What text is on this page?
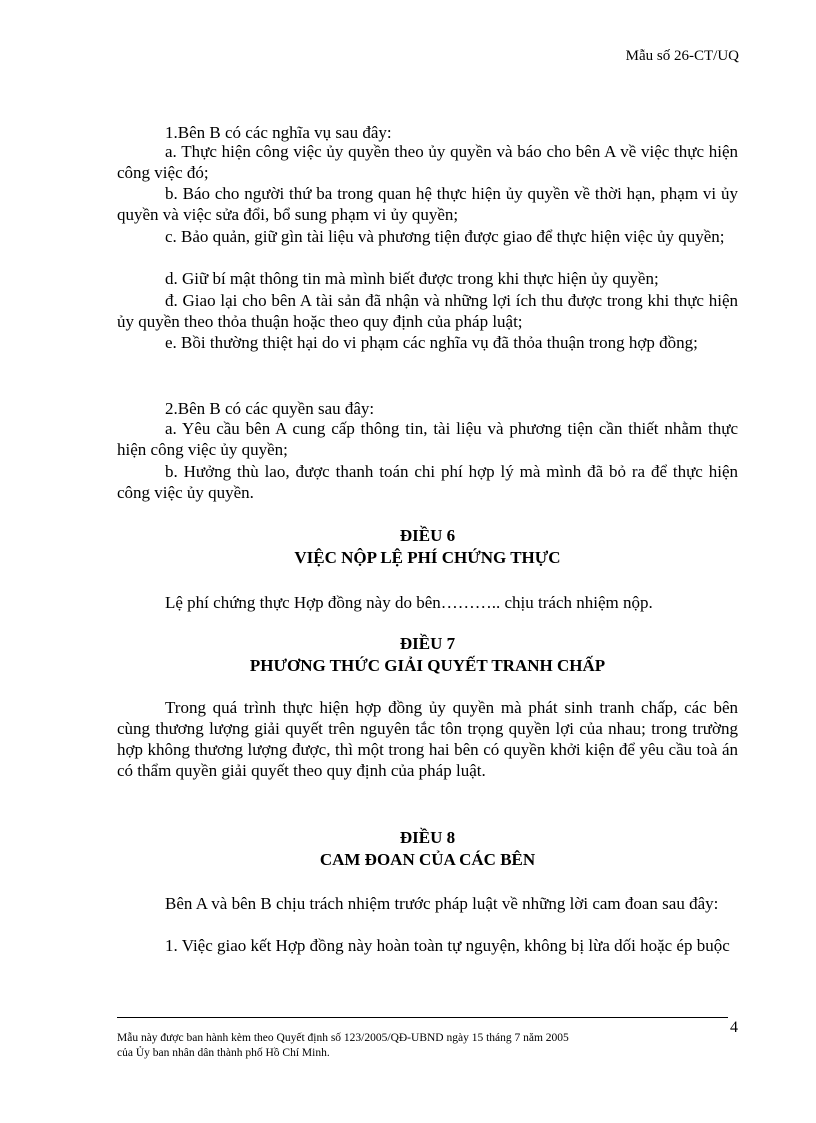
Mẫu số 26-CT/UQ
1.Bên B có các nghĩa vụ sau đây:
a. Thực hiện công việc ủy quyền theo ủy quyền và báo cho bên A về việc thực hiện công việc đó;
b. Báo cho người thứ ba trong quan hệ thực hiện ủy quyền về thời hạn, phạm vi ủy quyền và việc sửa đổi, bổ sung phạm vi ủy quyền;
c. Bảo quản, giữ gìn tài liệu và phương tiện được giao để thực hiện việc ủy quyền;
d. Giữ bí mật thông tin mà mình biết được trong khi thực hiện ủy quyền;
đ. Giao lại cho bên A tài sản đã nhận và những lợi ích thu được trong khi thực hiện ủy quyền theo thỏa thuận hoặc theo quy định của pháp luật;
e. Bồi thường thiệt hại do vi phạm các nghĩa vụ đã thỏa thuận trong hợp đồng;
2.Bên B có các quyền sau đây:
a. Yêu cầu bên A cung cấp thông tin, tài liệu và phương tiện cần thiết nhằm thực hiện công việc ủy quyền;
b. Hưởng thù lao, được thanh toán chi phí hợp lý mà mình đã bỏ ra để thực hiện công việc ủy quyền.
ĐIỀU 6
VIỆC NỘP LỆ PHÍ CHỨNG THỰC
Lệ phí chứng thực Hợp đồng này do bên……….. chịu trách nhiệm nộp.
ĐIỀU 7
PHƯƠNG THỨC GIẢI QUYẾT TRANH CHẤP
Trong quá trình thực hiện hợp đồng ủy quyền mà phát sinh tranh chấp, các bên cùng thương lượng giải quyết trên nguyên tắc tôn trọng quyền lợi của nhau; trong trường hợp không thương lượng được, thì một trong hai bên có quyền khởi kiện để yêu cầu toà án có thẩm quyền giải quyết theo quy định của pháp luật.
ĐIỀU 8
CAM ĐOAN CỦA CÁC BÊN
Bên A và bên B chịu trách nhiệm trước pháp luật về những lời cam đoan sau đây:
1. Việc giao kết Hợp đồng này hoàn toàn tự nguyện, không bị lừa dối hoặc ép buộc
4
Mẫu này được ban hành kèm theo Quyết định số 123/2005/QĐ-UBND ngày 15 tháng 7 năm 2005
của Ủy ban nhân dân thành phố Hồ Chí Minh.
